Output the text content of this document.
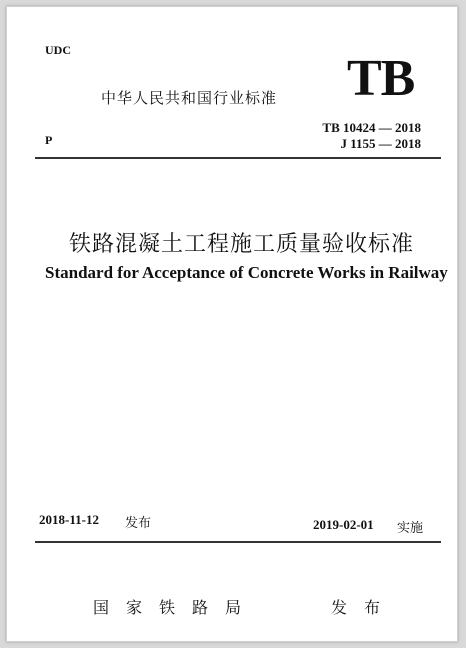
UDC
中华人民共和国行业标准 TB
P
TB 10424 — 2018
J 1155 — 2018
铁路混凝土工程施工质量验收标准
Standard for Acceptance of Concrete Works in Railway
2018-11-12 发布	2019-02-01 实施
国家铁路局	发布
